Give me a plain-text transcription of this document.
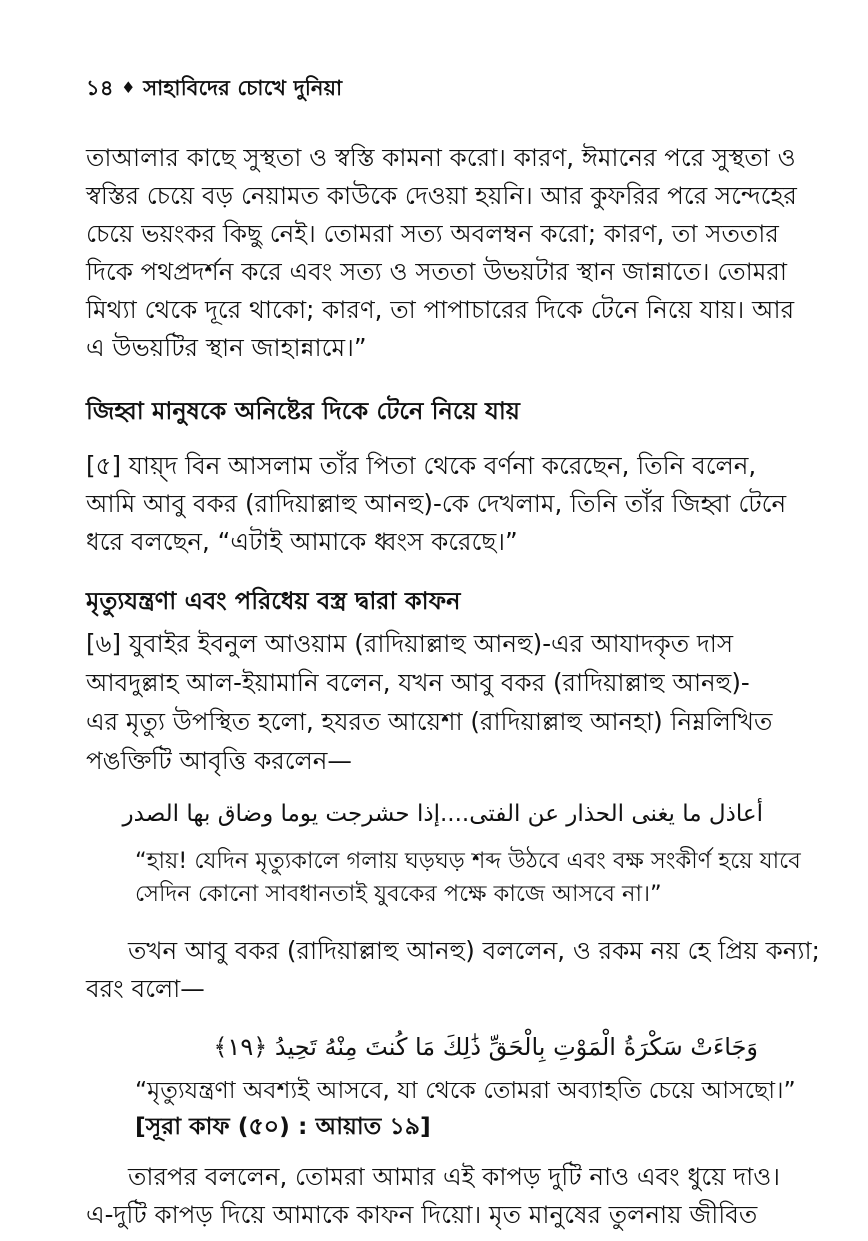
১৪ ♦ সাহাবিদের চোখে দুনিয়া
তাআলার কাছে সুস্থতা ও স্বস্তি কামনা করো। কারণ, ঈমানের পরে সুস্থতা ও
স্বস্তির চেয়ে বড় নেয়ামত কাউকে দেওয়া হয়নি। আর কুফরির পরে সন্দেহের
চেয়ে ভয়ংকর কিছু নেই। তোমরা সত্য অবলম্বন করো; কারণ, তা সততার
দিকে পথপ্রদর্শন করে এবং সত্য ও সততা উভয়টার স্থান জান্নাতে। তোমরা
মিথ্যা থেকে দূরে থাকো; কারণ, তা পাপাচারের দিকে টেনে নিয়ে যায়। আর
এ উভয়টির স্থান জাহান্নামে।”
জিহ্বা মানুষকে অনিষ্টের দিকে টেনে নিয়ে যায়
[৫] যায়্দ বিন আসলাম তাঁর পিতা থেকে বর্ণনা করেছেন, তিনি বলেন,
আমি আবু বকর (রাদিয়াল্লাহু আনহু)-কে দেখলাম, তিনি তাঁর জিহ্বা টেনে
ধরে বলছেন, “এটাই আমাকে ধ্বংস করেছে।”
মৃত্যুযন্ত্রণা এবং পরিধেয় বস্ত্র দ্বারা কাফন
[৬] যুবাইর ইবনুল আওয়াম (রাদিয়াল্লাহু আনহু)-এর আযাদকৃত দাস
আবদুল্লাহ আল-ইয়ামানি বলেন, যখন আবু বকর (রাদিয়াল্লাহু আনহু)-
এর মৃত্যু উপস্থিত হলো, হযরত আয়েশা (রাদিয়াল্লাহু আনহা) নিম্নলিখিত
পঙক্তিটি আবৃত্তি করলেন—
أعاذل ما يغنى الحذار عن الفتى....إذا حشرجت يوما وضاق بها الصدر
“হায়! যেদিন মৃত্যুকালে গলায় ঘড়ঘড় শব্দ উঠবে এবং বক্ষ সংকীর্ণ হয়ে যাবে
সেদিন কোনো সাবধানতাই যুবকের পক্ষে কাজে আসবে না।”
তখন আবু বকর (রাদিয়াল্লাহু আনহু) বললেন, ও রকম নয় হে প্রিয় কন্যা;
বরং বলো—
وَجَاءَتْ سَكْرَةُ الْمَوْتِ بِالْحَقِّ ذَٰلِكَ مَا كُنتَ مِنْهُ تَحِيدُ ﴿١٩﴾
“মৃত্যুযন্ত্রণা অবশ্যই আসবে, যা থেকে তোমরা অব্যাহতি চেয়ে আসছো।”
[সূরা কাফ (৫০) : আয়াত ১৯]
তারপর বললেন, তোমরা আমার এই কাপড় দুটি নাও এবং ধুয়ে দাও।
এ-দুটি কাপড় দিয়ে আমাকে কাফন দিয়ো। মৃত মানুষের তুলনায় জীবিত
